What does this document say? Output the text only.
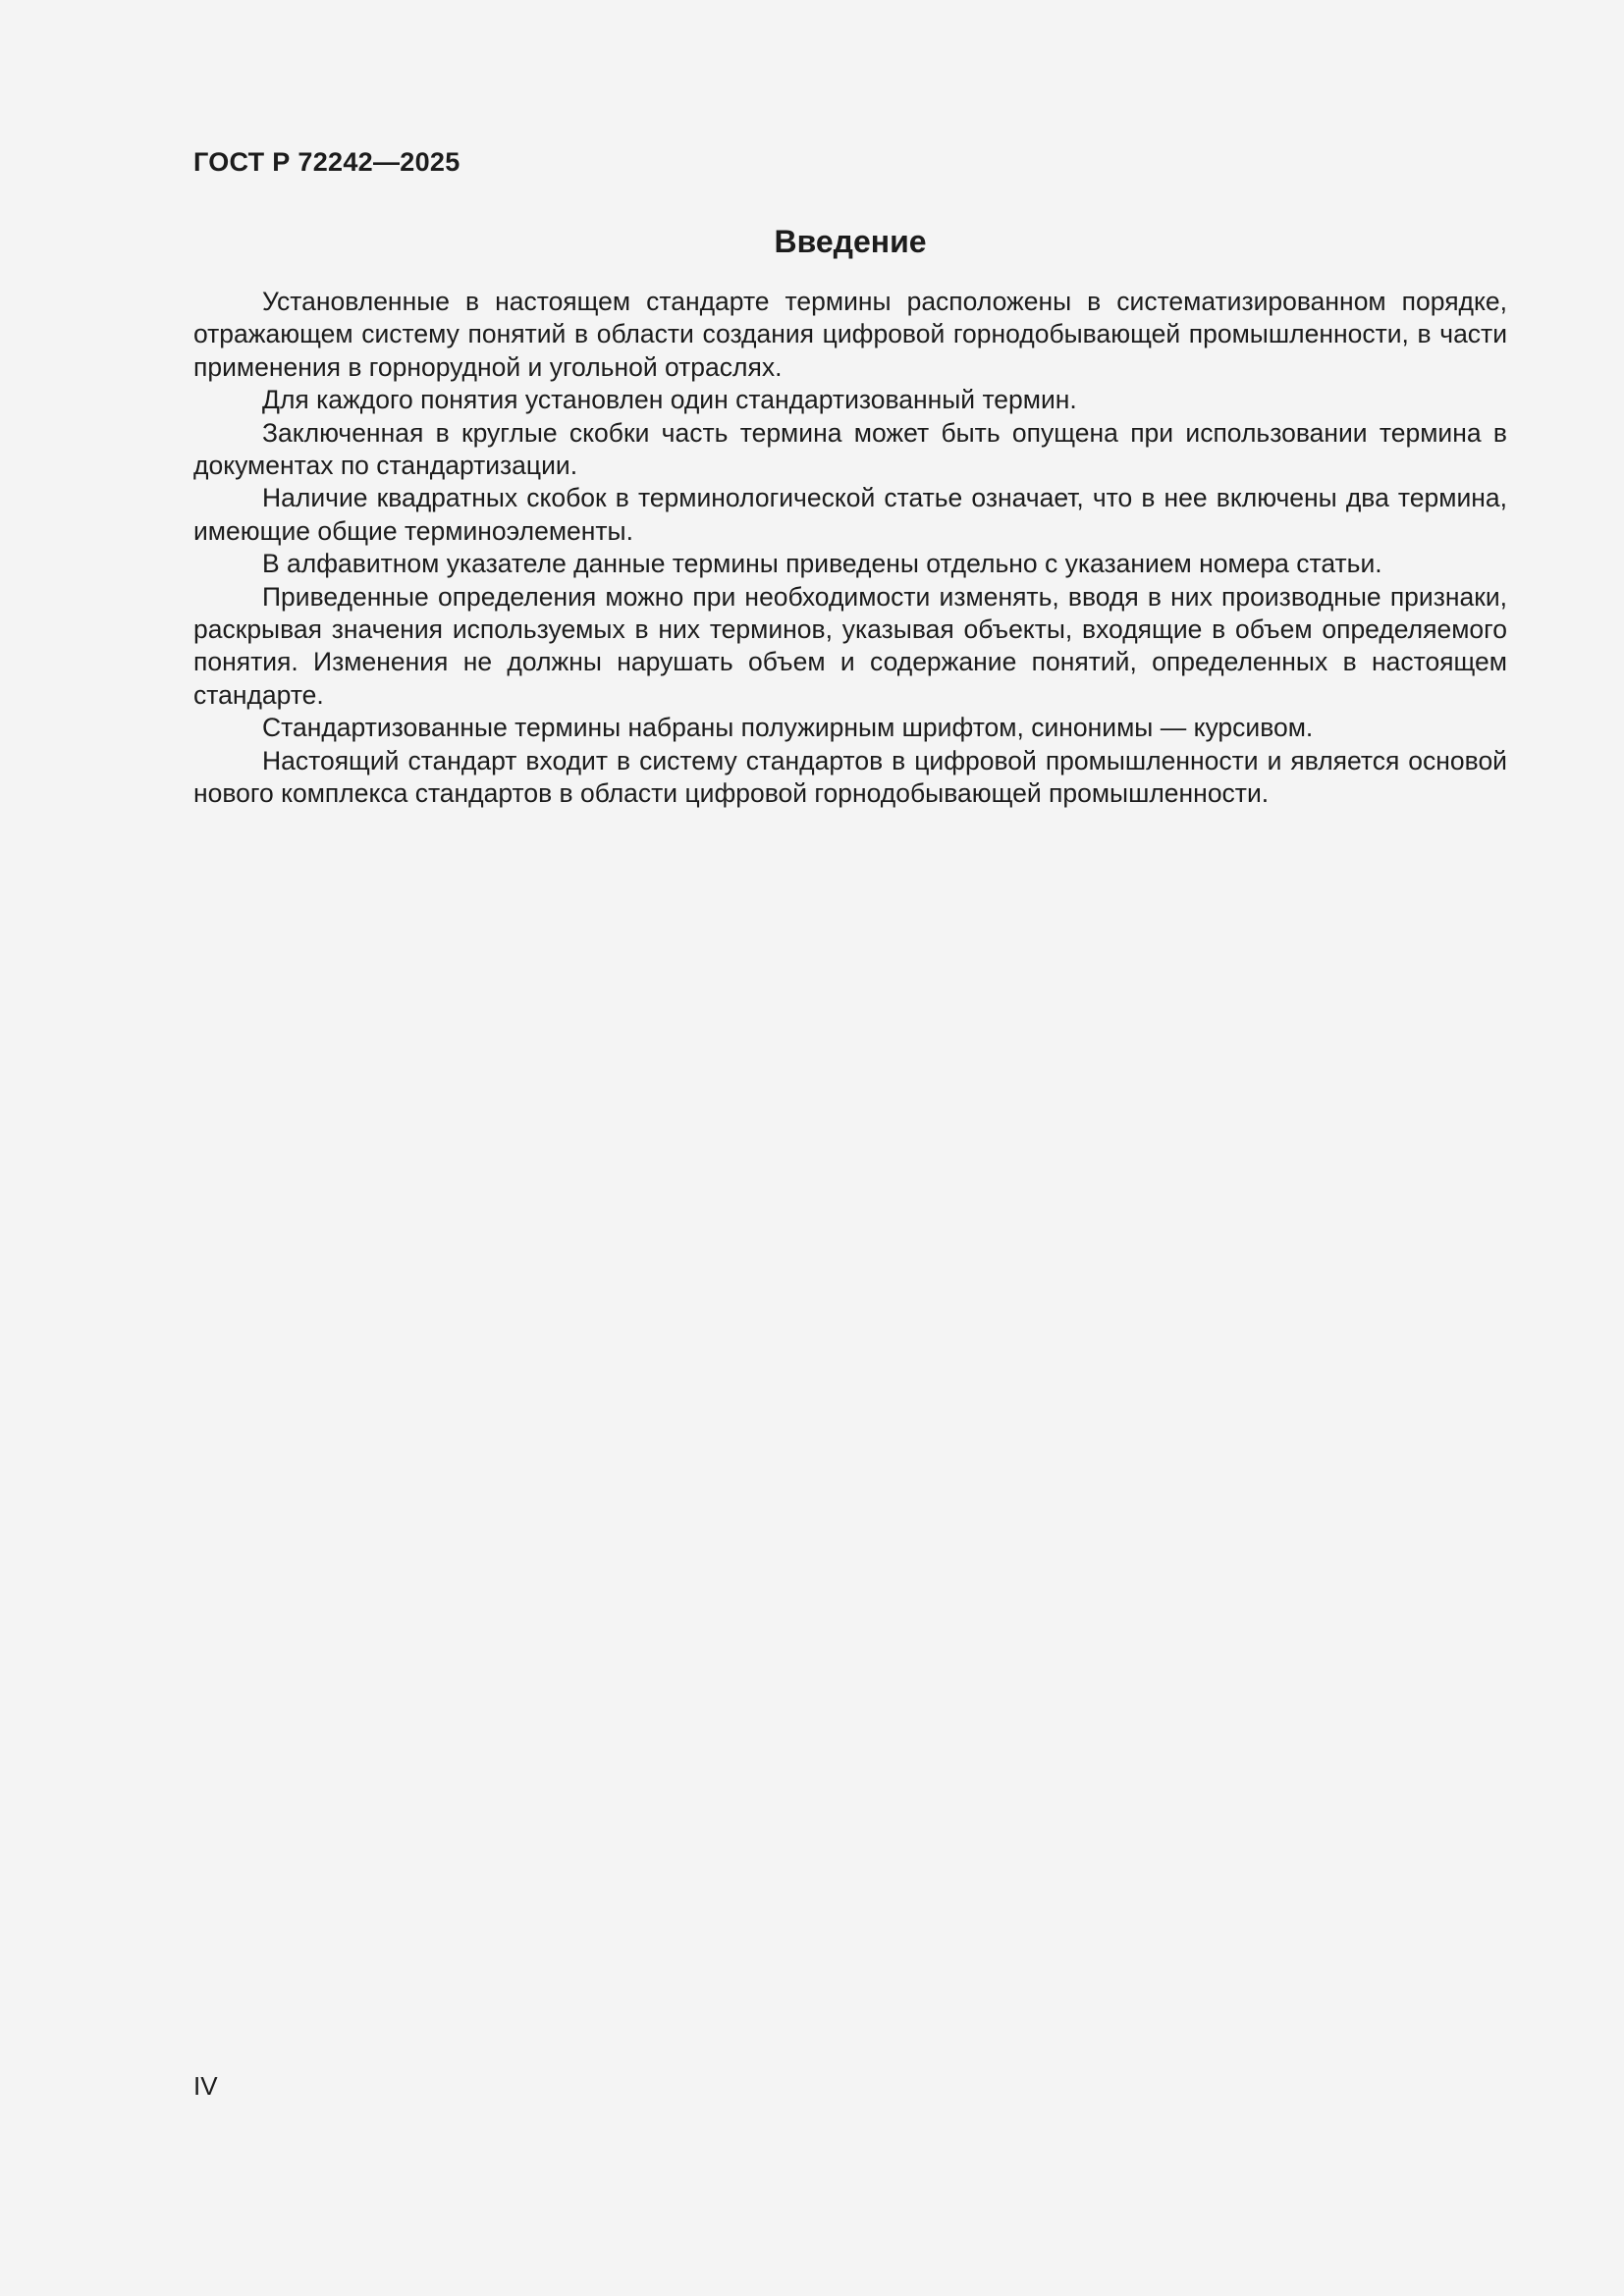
ГОСТ Р 72242—2025
Введение

Установленные в настоящем стандарте термины расположены в систематизированном порядке, отражающем систему понятий в области создания цифровой горнодобывающей промышленности, в части применения в горнорудной и угольной отраслях.

Для каждого понятия установлен один стандартизованный термин.

Заключенная в круглые скобки часть термина может быть опущена при использовании термина в документах по стандартизации.

Наличие квадратных скобок в терминологической статье означает, что в нее включены два термина, имеющие общие терминоэлементы.

В алфавитном указателе данные термины приведены отдельно с указанием номера статьи.

Приведенные определения можно при необходимости изменять, вводя в них производные признаки, раскрывая значения используемых в них терминов, указывая объекты, входящие в объем определяемого понятия. Изменения не должны нарушать объем и содержание понятий, определенных в настоящем стандарте.

Стандартизованные термины набраны полужирным шрифтом, синонимы — курсивом.

Настоящий стандарт входит в систему стандартов в цифровой промышленности и является основой нового комплекса стандартов в области цифровой горнодобывающей промышленности.

IV
